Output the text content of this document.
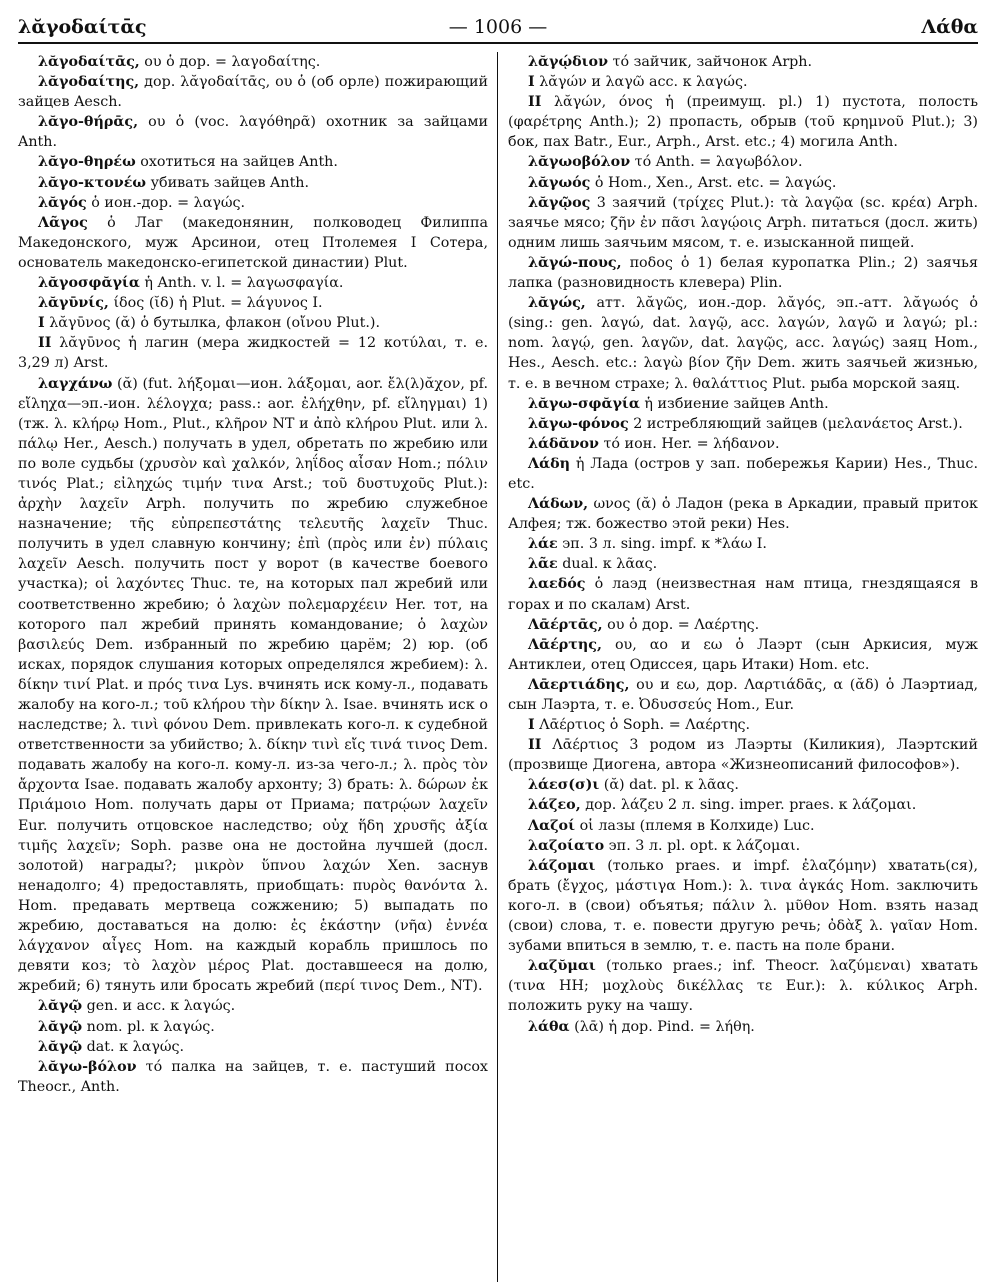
λᾰγοδαίτᾱς	— 1006 —	Λάθα

λᾰγοδαίτᾱς, ου ὁ дор. = λαγοδαίτης.

λᾰγοδαίτης, дор. λᾰγοδαίτᾱς, ου ὁ (об орле) пожирающий зайцев Aesch.

λᾰγο-θήρᾱς, ου ὁ (voc. λαγόθηρᾶ) охотник за зайцами Anth.

λᾰγο-θηρέω охотиться на зайцев Anth.

λᾰγο-κτονέω убивать зайцев Anth.

λᾰγός ὁ ион.-дор. = λαγώς.

Λᾶγος ὁ Лаг (македонянин, полководец Филиппа Македонского, муж Арсинои, отец Птолемея I Сотера, основатель македонско-египетской династии) Plut.

λᾰγοσφᾰγία ἡ Anth. v. l. = λαγωσφαγία.

λᾰγῡνίς, ίδος (ῐδ) ἡ Plut. = λάγυνος I.

I λᾰγῡνος (ᾰ) ὁ бутылка, флакон (οἴνου Plut.).

II λᾰγῡνος ἡ лагин (мера жидкостей = 12 κοτύλαι, т. е. 3,29 л) Arst.

λαγχάνω (ᾰ) (fut. λήξομαι—ион. λάξομαι, aor. ἔλ(λ)ᾰχον, pf. εἴληχα—эп.-ион. λέλογχα; pass.: aor. ἐλήχθην, pf. εἴληγμαι) 1) (тж. λ. κλήρῳ Hom., Plut., κλῆρον NT и ἀπὸ κλήρου Plut. или λ. πάλῳ Her., Aesch.) получать в удел, обретать по жребию или по воле судьбы (χρυσὸν καὶ χαλκόν, ληΐδος αἶσαν Hom.; πόλιν τινός Plat.; εἰληχώς τιμήν τινα Arst.; τοῦ δυστυχοῦς Plut.): ἀρχὴν λαχεῖν Arph. получить по жребию служебное назначение; τῆς εὐπρεπεστάτης τελευτῆς λαχεῖν Thuc. получить в удел славную кончину; ἐπὶ (πρὸς или ἐν) πύλαις λαχεῖν Aesch. получить пост у ворот (в качестве боевого участка); οἱ λαχόντες Thuc. те, на которых пал жребий или соответственно жребию; ὁ λαχὼν πολεμαρχέειν Her. тот, на которого пал жребий принять командование; ὁ λαχὼν βασιλεύς Dem. избранный по жребию царём; 2) юр. (об исках, порядок слушания которых определялся жребием): λ. δίκην τινί Plat. и πρός τινα Lys. вчинять иск кому-л., подавать жалобу на кого-л.; τοῦ κλήρου τὴν δίκην λ. Isae. вчинять иск о наследстве; λ. τινὶ φόνου Dem. привлекать кого-л. к судебной ответственности за убийство; λ. δίκην τινὶ εἴς τινά τινος Dem. подавать жалобу на кого-л. кому-л. из-за чего-л.; λ. πρὸς τὸν ἄρχοντα Isae. подавать жалобу архонту; 3) брать: λ. δώρων ἐκ Πριάμοιο Hom. получать дары от Приама; πατρῴων λαχεῖν Eur. получить отцовское наследство; οὐχ ἥδη χρυσῆς ἀξία τιμῆς λαχεῖν; Soph. разве она не достойна лучшей (досл. золотой) награды?; μικρὸν ὕπνου λαχών Xen. заснув ненадолго; 4) предоставлять, приобщать: πυρὸς θανόντα λ. Hom. предавать мертвеца сожжению; 5) выпадать по жребию, доставаться на долю: ἐς ἑκάστην (νῆα) ἐννέα λάγχανον αἶγες Hom. на каждый корабль пришлось по девяти коз; τὸ λαχὸν μέρος Plat. доставшееся на долю, жребий; 6) тянуть или бросать жребий (περί τινος Dem., NT).

λᾰγῷ gen. и acc. к λαγώς.

λᾰγῷ nom. pl. к λαγώς.

λᾰγῷ dat. к λαγώς.

λᾰγω-βόλον τό палка на зайцев, т. е. пастуший посох Theocr., Anth.

λᾰγῴδιον τό зайчик, зайчонок Arph.

I λᾰγών и λαγῶ acc. к λαγώς.

II λᾰγών, όνος ἡ (преимущ. pl.) 1) пустота, полость (φαρέτρης Anth.); 2) пропасть, обрыв (τοῦ κρημνοῦ Plut.); 3) бок, пах Batr., Eur., Arph., Arst. etc.; 4) могила Anth.

λᾰγωοβόλον τό Anth. = λαγωβόλον.

λᾰγωός ὁ Hom., Xen., Arst. etc. = λαγώς.

λᾰγῷος 3 заячий (τρίχες Plut.): τὰ λαγῷα (sc. κρέα) Arph. заячье мясо; ζῆν ἐν πᾶσι λαγῴοις Arph. питаться (досл. жить) одним лишь заячьим мясом, т. е. изысканной пищей.

λᾰγώ-πους, ποδος ὁ 1) белая куропатка Plin.; 2) заячья лапка (разновидность клевера) Plin.

λᾰγώς, атт. λᾰγῶς, ион.-дор. λᾰγός, эп.-атт. λᾰγωός ὁ (sing.: gen. λαγώ, dat. λαγῷ, acc. λαγών, λαγῶ и λαγώ; pl.: nom. λαγῴ, gen. λαγῶν, dat. λαγῷς, acc. λαγώς) заяц Hom., Hes., Aesch. etc.: λαγὼ βίον ζῆν Dem. жить заячьей жизнью, т. е. в вечном страхе; λ. θαλάττιος Plut. рыба морской заяц.

λᾰγω-σφᾰγία ἡ избиение зайцев Anth.

λᾰγω-φόνος 2 истребляющий зайцев (μελανάετος Arst.).

λάδᾰνον τό ион. Her. = λήδανον.

Λάδη ἡ Лада (остров у зап. побережья Карии) Hes., Thuc. etc.

Λάδων, ωνος (ᾰ) ὁ Ладон (река в Аркадии, правый приток Алфея; тж. божество этой реки) Hes.

λάε эп. 3 л. sing. impf. к *λάω I.

λᾶε dual. к λᾶας.

λαεδός ὁ лаэд (неизвестная нам птица, гнездящаяся в горах и по скалам) Arst.

Λᾱέρτᾱς, ου ὁ дор. = Λαέρτης.

Λᾱέρτης, ου, αο и εω ὁ Лаэрт (сын Аркисия, муж Антиклеи, отец Одиссея, царь Итаки) Hom. etc.

Λᾱερτιάδης, ου и εω, дор. Λαρτιάδᾱς, α (ᾰδ) ὁ Лаэртиад, сын Лаэрта, т. е. Ὀδυσσεύς Hom., Eur.

I Λᾱέρτιος ὁ Soph. = Λαέρτης.

II Λᾱέρτιος 3 родом из Лаэрты (Киликия), Лаэртский (прозвище Диогена, автора «Жизнеописаний философов»).

λάεσ(σ)ι (ᾰ) dat. pl. к λᾶας.

λάζεο, дор. λάζευ 2 л. sing. imper. praes. к λάζομαι.

Λαζοί οἱ лазы (племя в Колхиде) Luc.

λαζοίατο эп. 3 л. pl. opt. к λάζομαι.

λάζομαι (только praes. и impf. ἐλαζόμην) хватать(ся), брать (ἔγχος, μάστιγα Hom.): λ. τινα ἀγκάς Hom. заключить кого-л. в (свои) объятья; πάλιν λ. μῦθον Hom. взять назад (свои) слова, т. е. повести другую речь; ὀδὰξ λ. γαῖαν Hom. зубами впиться в землю, т. е. пасть на поле брани.

λαζῠμαι (только praes.; inf. Theocr. λαζύμεναι) хватать (τινα HH; μοχλοὺς δικέλλας τε Eur.): λ. κύλικος Arph. положить руку на чашу.

λάθα (λᾱ) ἡ дор. Pind. = λήθη.
